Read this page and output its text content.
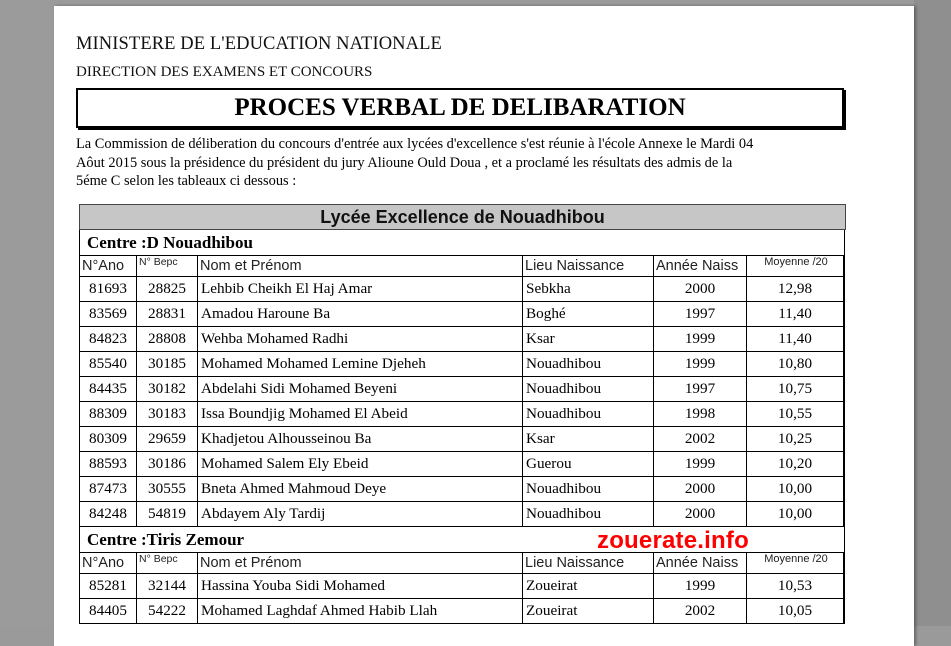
MINISTERE DE L'EDUCATION NATIONALE
DIRECTION DES EXAMENS ET CONCOURS
PROCES VERBAL DE DELIBARATION

La Commission de déliberation du concours d'entrée aux lycées d'excellence s'est réunie à l'école Annexe le Mardi 04

Aôut 2015 sous la présidence du président du jury Alioune Ould Doua , et a proclamé les résultats des admis de la

5éme C selon les tableaux ci dessous :

Lycée Excellence de Nouadhibou
Centre :D Nouadhibou
N°Ano	N° Bepc	Nom et Prénom	Lieu Naissance	Année Naiss	Moyenne /20
81693	28825	Lehbib Cheikh El Haj Amar	Sebkha	2000	12,98
83569	28831	Amadou Haroune Ba	Boghé	1997	11,40
84823	28808	Wehba Mohamed Radhi	Ksar	1999	11,40
85540	30185	Mohamed Mohamed Lemine Djeheh	Nouadhibou	1999	10,80
84435	30182	Abdelahi Sidi Mohamed Beyeni	Nouadhibou	1997	10,75
88309	30183	Issa Boundjig Mohamed El Abeid	Nouadhibou	1998	10,55
80309	29659	Khadjetou Alhousseinou Ba	Ksar	2002	10,25
88593	30186	Mohamed Salem Ely Ebeid	Guerou	1999	10,20
87473	30555	Bneta Ahmed Mahmoud Deye	Nouadhibou	2000	10,00
84248	54819	Abdayem Aly Tardij	Nouadhibou	2000	10,00
Centre :Tiris Zemour
N°Ano	N° Bepc	Nom et Prénom	Lieu Naissance	Année Naiss	Moyenne /20
85281	32144	Hassina Youba Sidi Mohamed	Zoueirat	1999	10,53
84405	54222	Mohamed Laghdaf Ahmed Habib Llah	Zoueirat	2002	10,05
zouerate.info
